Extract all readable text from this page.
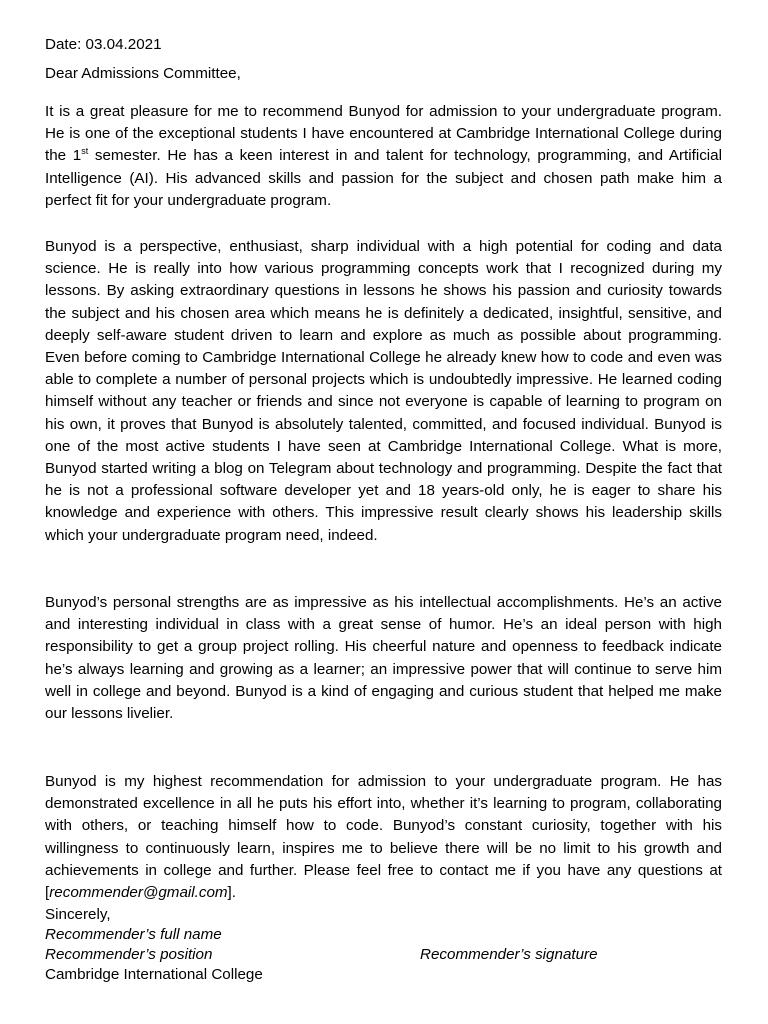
Date: 03.04.2021
Dear Admissions Committee,

It is a great pleasure for me to recommend Bunyod for admission to your undergraduate program. He is one of the exceptional students I have encountered at Cambridge International College during the 1st semester. He has a keen interest in and talent for technology, programming, and Artificial Intelligence (AI). His advanced skills and passion for the subject and chosen path make him a perfect fit for your undergraduate program.

Bunyod is a perspective, enthusiast, sharp individual with a high potential for coding and data science. He is really into how various programming concepts work that I recognized during my lessons. By asking extraordinary questions in lessons he shows his passion and curiosity towards the subject and his chosen area which means he is definitely a dedicated, insightful, sensitive, and deeply self-aware student driven to learn and explore as much as possible about programming. Even before coming to Cambridge International College he already knew how to code and even was able to complete a number of personal projects which is undoubtedly impressive. He learned coding himself without any teacher or friends and since not everyone is capable of learning to program on his own, it proves that Bunyod is absolutely talented, committed, and focused individual. Bunyod is one of the most active students I have seen at Cambridge International College. What is more, Bunyod started writing a blog on Telegram about technology and programming. Despite the fact that he is not a professional software developer yet and 18 years-old only, he is eager to share his knowledge and experience with others. This impressive result clearly shows his leadership skills which your undergraduate program need, indeed.

Bunyod’s personal strengths are as impressive as his intellectual accomplishments. He’s an active and interesting individual in class with a great sense of humor. He’s an ideal person with high responsibility to get a group project rolling. His cheerful nature and openness to feedback indicate he’s always learning and growing as a learner; an impressive power that will continue to serve him well in college and beyond. Bunyod is a kind of engaging and curious student that helped me make our lessons livelier.

Bunyod is my highest recommendation for admission to your undergraduate program. He has demonstrated excellence in all he puts his effort into, whether it’s learning to program, collaborating with others, or teaching himself how to code. Bunyod’s constant curiosity, together with his willingness to continuously learn, inspires me to believe there will be no limit to his growth and achievements in college and further. Please feel free to contact me if you have any questions at [recommender@gmail.com].

Sincerely,
Recommender’s full name
Recommender’s position
Cambridge International College
Recommender’s signature
